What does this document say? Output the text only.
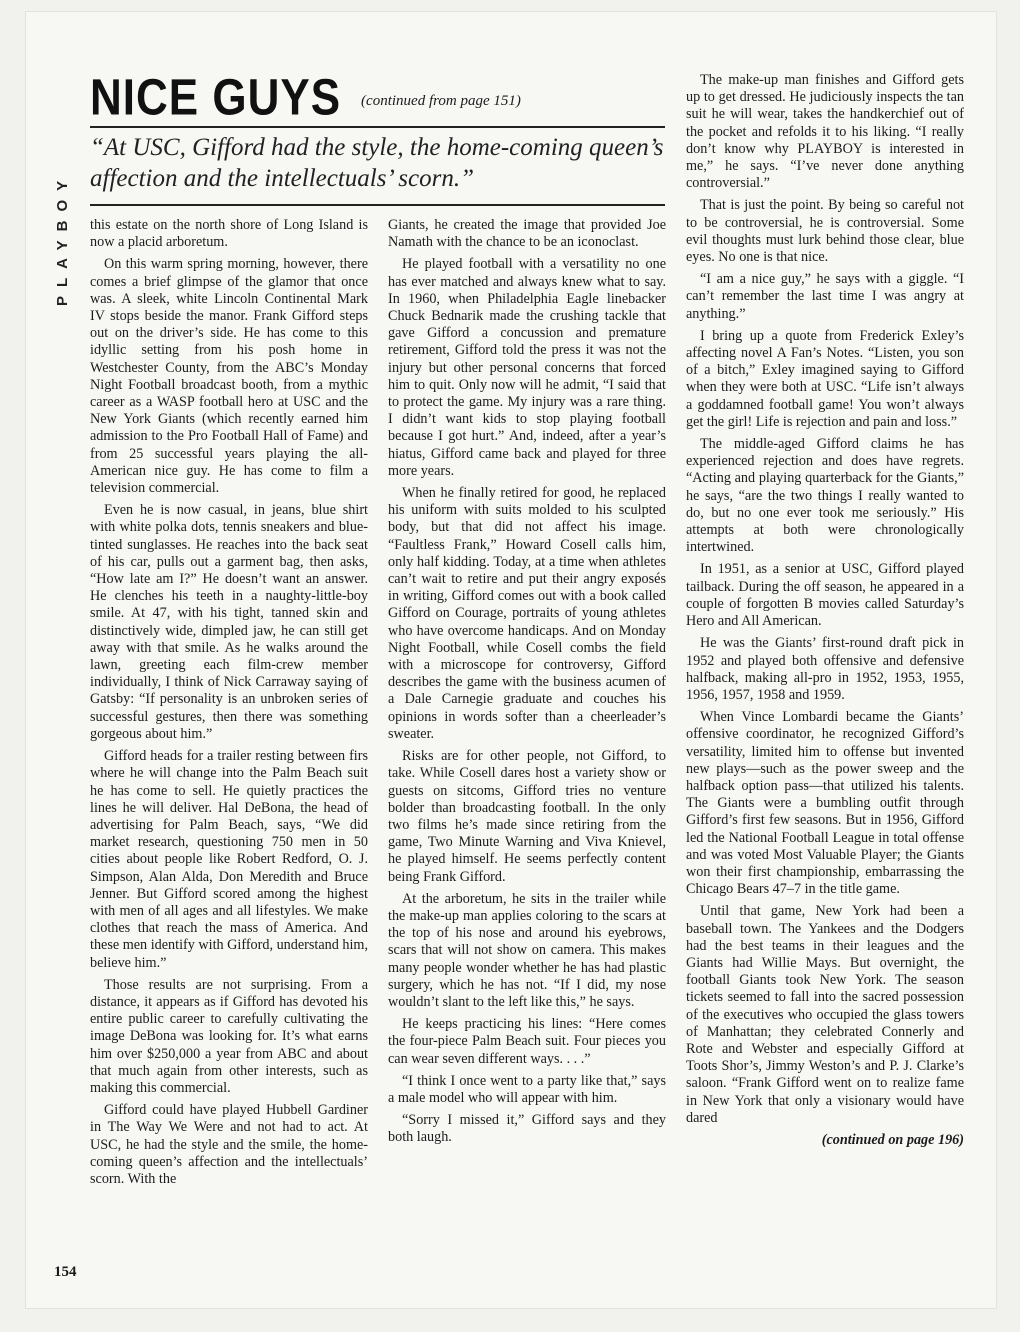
PLAYBOY
NICE GUYS (continued from page 151)
“At USC, Gifford had the style, the home-coming queen’s affection and the intellectuals’ scorn.”

this estate on the north shore of Long Island is now a placid arboretum.

On this warm spring morning, however, there comes a brief glimpse of the glamor that once was. A sleek, white Lincoln Continental Mark IV stops beside the manor. Frank Gifford steps out on the driver’s side. He has come to this idyllic setting from his posh home in Westchester County, from the ABC’s Monday Night Football broadcast booth, from a mythic career as a WASP football hero at USC and the New York Giants (which recently earned him admission to the Pro Football Hall of Fame) and from 25 successful years playing the all-American nice guy. He has come to film a television commercial.

Even he is now casual, in jeans, blue shirt with white polka dots, tennis sneakers and blue-tinted sunglasses. He reaches into the back seat of his car, pulls out a garment bag, then asks, “How late am I?” He doesn’t want an answer. He clenches his teeth in a naughty-little-boy smile. At 47, with his tight, tanned skin and distinctively wide, dimpled jaw, he can still get away with that smile. As he walks around the lawn, greeting each film-crew member individually, I think of Nick Carraway saying of Gatsby: “If personality is an unbroken series of successful gestures, then there was something gorgeous about him.”

Gifford heads for a trailer resting between firs where he will change into the Palm Beach suit he has come to sell. He quietly practices the lines he will deliver. Hal DeBona, the head of advertising for Palm Beach, says, “We did market research, questioning 750 men in 50 cities about people like Robert Redford, O. J. Simpson, Alan Alda, Don Meredith and Bruce Jenner. But Gifford scored among the highest with men of all ages and all lifestyles. We make clothes that reach the mass of America. And these men identify with Gifford, understand him, believe him.”

Those results are not surprising. From a distance, it appears as if Gifford has devoted his entire public career to carefully cultivating the image DeBona was looking for. It’s what earns him over $250,000 a year from ABC and about that much again from other interests, such as making this commercial.

Gifford could have played Hubbell Gardiner in The Way We Were and not had to act. At USC, he had the style and the smile, the home-coming queen’s affection and the intellectuals’ scorn. With the

Giants, he created the image that provided Joe Namath with the chance to be an iconoclast.

He played football with a versatility no one has ever matched and always knew what to say. In 1960, when Philadelphia Eagle linebacker Chuck Bednarik made the crushing tackle that gave Gifford a concussion and premature retirement, Gifford told the press it was not the injury but other personal concerns that forced him to quit. Only now will he admit, “I said that to protect the game. My injury was a rare thing. I didn’t want kids to stop playing football because I got hurt.” And, indeed, after a year’s hiatus, Gifford came back and played for three more years.

When he finally retired for good, he replaced his uniform with suits molded to his sculpted body, but that did not affect his image. “Faultless Frank,” Howard Cosell calls him, only half kidding. Today, at a time when athletes can’t wait to retire and put their angry exposés in writing, Gifford comes out with a book called Gifford on Courage, portraits of young athletes who have overcome handicaps. And on Monday Night Football, while Cosell combs the field with a microscope for controversy, Gifford describes the game with the business acumen of a Dale Carnegie graduate and couches his opinions in words softer than a cheerleader’s sweater.

Risks are for other people, not Gifford, to take. While Cosell dares host a variety show or guests on sitcoms, Gifford tries no venture bolder than broadcasting football. In the only two films he’s made since retiring from the game, Two Minute Warning and Viva Knievel, he played himself. He seems perfectly content being Frank Gifford.

At the arboretum, he sits in the trailer while the make-up man applies coloring to the scars at the top of his nose and around his eyebrows, scars that will not show on camera. This makes many people wonder whether he has had plastic surgery, which he has not. “If I did, my nose wouldn’t slant to the left like this,” he says.

He keeps practicing his lines: “Here comes the four-piece Palm Beach suit. Four pieces you can wear seven different ways. . . .”

“I think I once went to a party like that,” says a male model who will appear with him.

“Sorry I missed it,” Gifford says and they both laugh.

The make-up man finishes and Gifford gets up to get dressed. He judiciously inspects the tan suit he will wear, takes the handkerchief out of the pocket and refolds it to his liking. “I really don’t know why PLAYBOY is interested in me,” he says. “I’ve never done anything controversial.”

That is just the point. By being so careful not to be controversial, he is controversial. Some evil thoughts must lurk behind those clear, blue eyes. No one is that nice.

“I am a nice guy,” he says with a giggle. “I can’t remember the last time I was angry at anything.”

I bring up a quote from Frederick Exley’s affecting novel A Fan’s Notes. “Listen, you son of a bitch,” Exley imagined saying to Gifford when they were both at USC. “Life isn’t always a goddamned football game! You won’t always get the girl! Life is rejection and pain and loss.”

The middle-aged Gifford claims he has experienced rejection and does have regrets. “Acting and playing quarterback for the Giants,” he says, “are the two things I really wanted to do, but no one ever took me seriously.” His attempts at both were chronologically intertwined.

In 1951, as a senior at USC, Gifford played tailback. During the off season, he appeared in a couple of forgotten B movies called Saturday’s Hero and All American.

He was the Giants’ first-round draft pick in 1952 and played both offensive and defensive halfback, making all-pro in 1952, 1953, 1955, 1956, 1957, 1958 and 1959.

When Vince Lombardi became the Giants’ offensive coordinator, he recognized Gifford’s versatility, limited him to offense but invented new plays—such as the power sweep and the halfback option pass—that utilized his talents. The Giants were a bumbling outfit through Gifford’s first few seasons. But in 1956, Gifford led the National Football League in total offense and was voted Most Valuable Player; the Giants won their first championship, embarrassing the Chicago Bears 47–7 in the title game.

Until that game, New York had been a baseball town. The Yankees and the Dodgers had the best teams in their leagues and the Giants had Willie Mays. But overnight, the football Giants took New York. The season tickets seemed to fall into the sacred possession of the executives who occupied the glass towers of Manhattan; they celebrated Connerly and Rote and Webster and especially Gifford at Toots Shor’s, Jimmy Weston’s and P. J. Clarke’s saloon. “Frank Gifford went on to realize fame in New York that only a visionary would have dared

(continued on page 196)

154
